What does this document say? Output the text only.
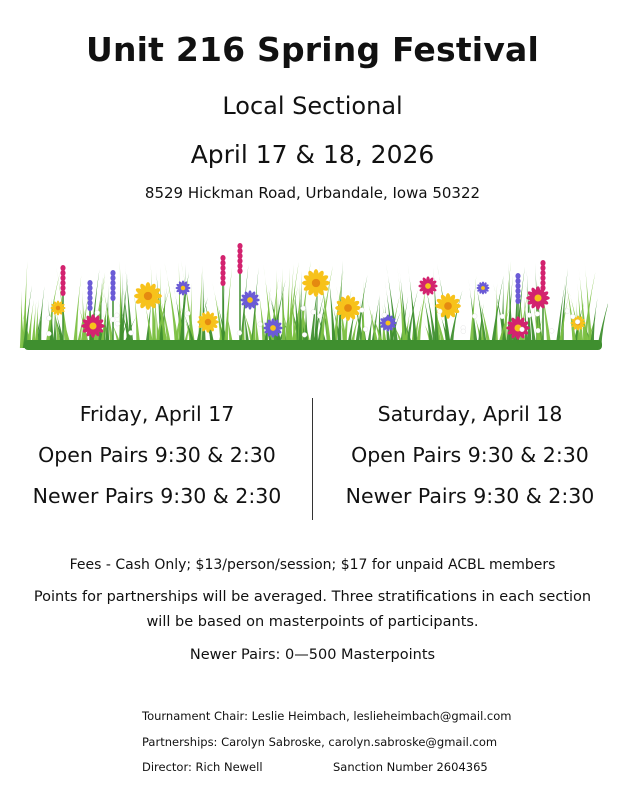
Unit 216 Spring Festival
Local Sectional
April 17 & 18, 2026
8529 Hickman Road, Urbandale, Iowa 50322
Friday, April 17
Open Pairs 9:30 & 2:30
Newer Pairs 9:30 & 2:30
Saturday, April 18
Open Pairs 9:30 & 2:30
Newer Pairs 9:30 & 2:30
Fees - Cash Only; $13/person/session; $17 for unpaid ACBL members
Points for partnerships will be averaged. Three stratifications in each section
will be based on masterpoints of participants.
Newer Pairs: 0—500 Masterpoints
Tournament Chair: Leslie Heimbach, leslieheimbach@gmail.com
Partnerships: Carolyn Sabroske, carolyn.sabroske@gmail.com
Director: Rich Newell	Sanction Number 2604365
